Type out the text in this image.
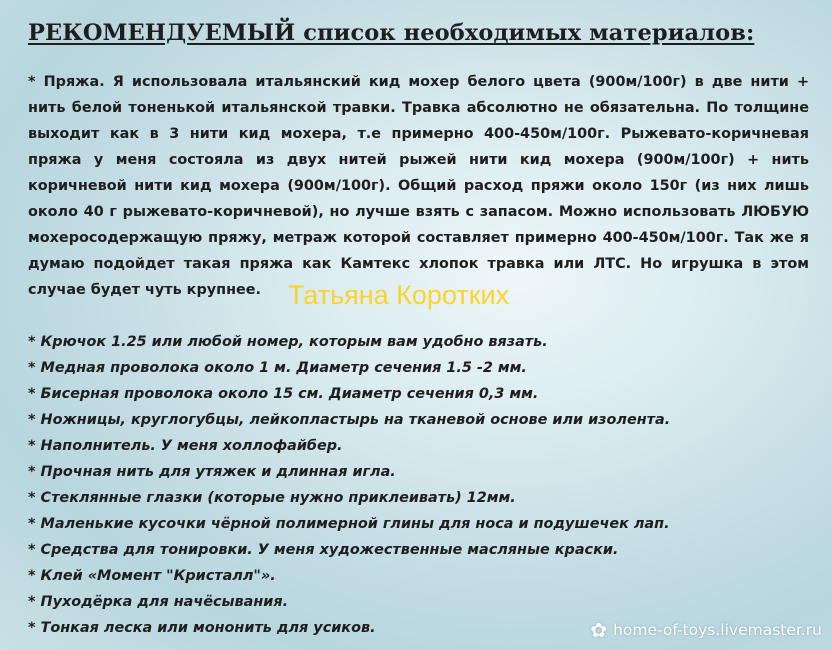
РЕКОМЕНДУЕМЫЙ список необходимых материалов:

* Пряжа. Я использовала итальянский кид мохер белого цвета (900м/100г) в две нити + нить белой тоненькой итальянской травки. Травка абсолютно не обязательна. По толщине выходит как в 3 нити кид мохера, т.е примерно 400-450м/100г. Рыжевато-коричневая пряжа у меня состояла из двух нитей рыжей нити кид мохера (900м/100г) + нить коричневой нити кид мохера (900м/100г). Общий расход пряжи около 150г (из них лишь около 40 г рыжевато-коричневой), но лучше взять с запасом. Можно использовать ЛЮБУЮ мохеросодержащую пряжу, метраж которой составляет примерно 400-450м/100г. Так же я думаю подойдет такая пряжа как Камтекс хлопок травка или ЛТС. Но игрушка в этом случае будет чуть крупнее.

* Крючок 1.25 или любой номер, которым вам удобно вязать.
* Медная проволока около 1 м. Диаметр сечения 1.5 -2 мм.
* Бисерная проволока около 15 см. Диаметр сечения 0,3 мм.
* Ножницы, круглогубцы, лейкопластырь на тканевой основе или изолента.
* Наполнитель. У меня холлофайбер.
* Прочная нить для утяжек и длинная игла.
* Стеклянные глазки (которые нужно приклеивать) 12мм.
* Маленькие кусочки чёрной полимерной глины для носа и подушечек лап.
* Средства для тонировки. У меня художественные масляные краски.
* Клей «Момент "Кристалл"».
* Пуходёрка для начёсывания.
* Тонкая леска или мононить для усиков.
Татьяна Коротких
✿ home-of-toys.livemaster.ru
